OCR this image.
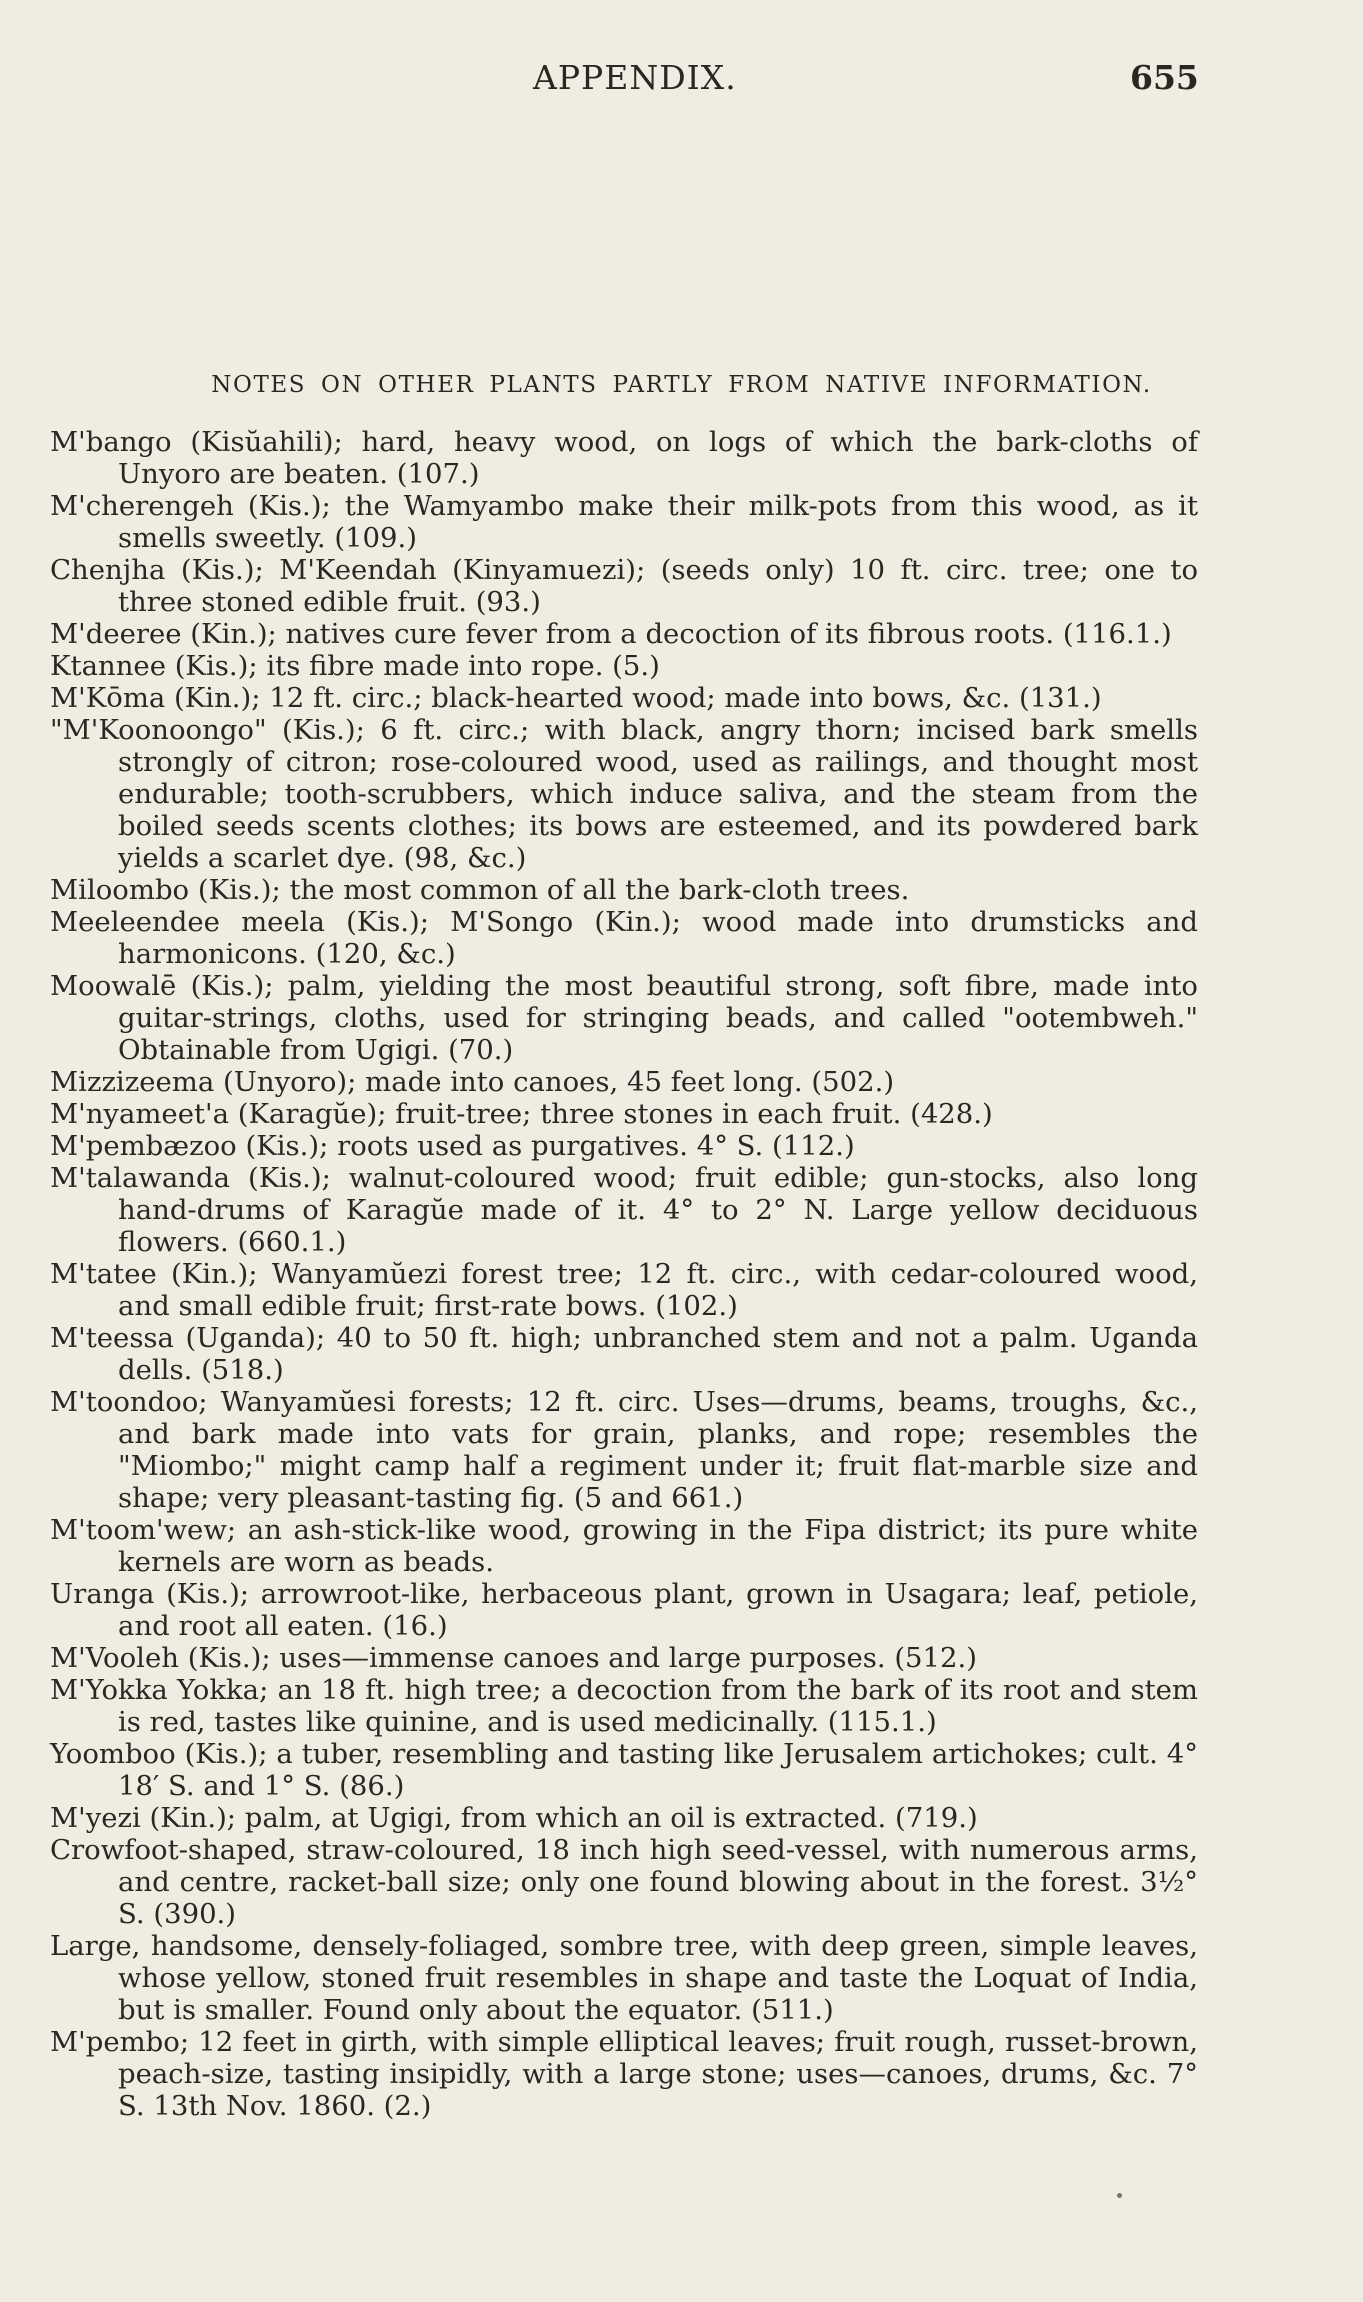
APPENDIX.	655
NOTES ON OTHER PLANTS PARTLY FROM NATIVE INFORMATION.

M'bango (Kisŭahili); hard, heavy wood, on logs of which the bark-cloths of Unyoro are beaten. (107.)

M'cherengeh (Kis.); the Wamyambo make their milk-pots from this wood, as it smells sweetly. (109.)

Chenjha (Kis.); M'Keendah (Kinyamuezi); (seeds only) 10 ft. circ. tree; one to three stoned edible fruit. (93.)

M'deeree (Kin.); natives cure fever from a decoction of its fibrous roots. (116.1.)

Ktannee (Kis.); its fibre made into rope. (5.)

M'Kōma (Kin.); 12 ft. circ.; black-hearted wood; made into bows, &c. (131.)

"M'Koonoongo" (Kis.); 6 ft. circ.; with black, angry thorn; incised bark smells strongly of citron; rose-coloured wood, used as railings, and thought most endurable; tooth-scrubbers, which induce saliva, and the steam from the boiled seeds scents clothes; its bows are esteemed, and its powdered bark yields a scarlet dye. (98, &c.)

Miloombo (Kis.); the most common of all the bark-cloth trees.

Meeleendee meela (Kis.); M'Songo (Kin.); wood made into drumsticks and harmonicons. (120, &c.)

Moowalē (Kis.); palm, yielding the most beautiful strong, soft fibre, made into guitar-strings, cloths, used for stringing beads, and called "ootembweh." Obtainable from Ugigi. (70.)

Mizzizeema (Unyoro); made into canoes, 45 feet long. (502.)

M'nyameet'a (Karagŭe); fruit-tree; three stones in each fruit. (428.)

M'pembæzoo (Kis.); roots used as purgatives. 4° S. (112.)

M'talawanda (Kis.); walnut-coloured wood; fruit edible; gun-stocks, also long hand-drums of Karagŭe made of it. 4° to 2° N. Large yellow deciduous flowers. (660.1.)

M'tatee (Kin.); Wanyamŭezi forest tree; 12 ft. circ., with cedar-coloured wood, and small edible fruit; first-rate bows. (102.)

M'teessa (Uganda); 40 to 50 ft. high; unbranched stem and not a palm. Uganda dells. (518.)

M'toondoo; Wanyamŭesi forests; 12 ft. circ. Uses—drums, beams, troughs, &c., and bark made into vats for grain, planks, and rope; resembles the "Miombo;" might camp half a regiment under it; fruit flat-marble size and shape; very pleasant-tasting fig. (5 and 661.)

M'toom'wew; an ash-stick-like wood, growing in the Fipa district; its pure white kernels are worn as beads.

Uranga (Kis.); arrowroot-like, herbaceous plant, grown in Usagara; leaf, petiole, and root all eaten. (16.)

M'Vooleh (Kis.); uses—immense canoes and large purposes. (512.)

M'Yokka Yokka; an 18 ft. high tree; a decoction from the bark of its root and stem is red, tastes like quinine, and is used medicinally. (115.1.)

Yoomboo (Kis.); a tuber, resembling and tasting like Jerusalem artichokes; cult. 4° 18′ S. and 1° S. (86.)

M'yezi (Kin.); palm, at Ugigi, from which an oil is extracted. (719.)

Crowfoot-shaped, straw-coloured, 18 inch high seed-vessel, with numerous arms, and centre, racket-ball size; only one found blowing about in the forest. 3½° S. (390.)

Large, handsome, densely-foliaged, sombre tree, with deep green, simple leaves, whose yellow, stoned fruit resembles in shape and taste the Loquat of India, but is smaller. Found only about the equator. (511.)

M'pembo; 12 feet in girth, with simple elliptical leaves; fruit rough, russet-brown, peach-size, tasting insipidly, with a large stone; uses—canoes, drums, &c. 7° S. 13th Nov. 1860. (2.)
